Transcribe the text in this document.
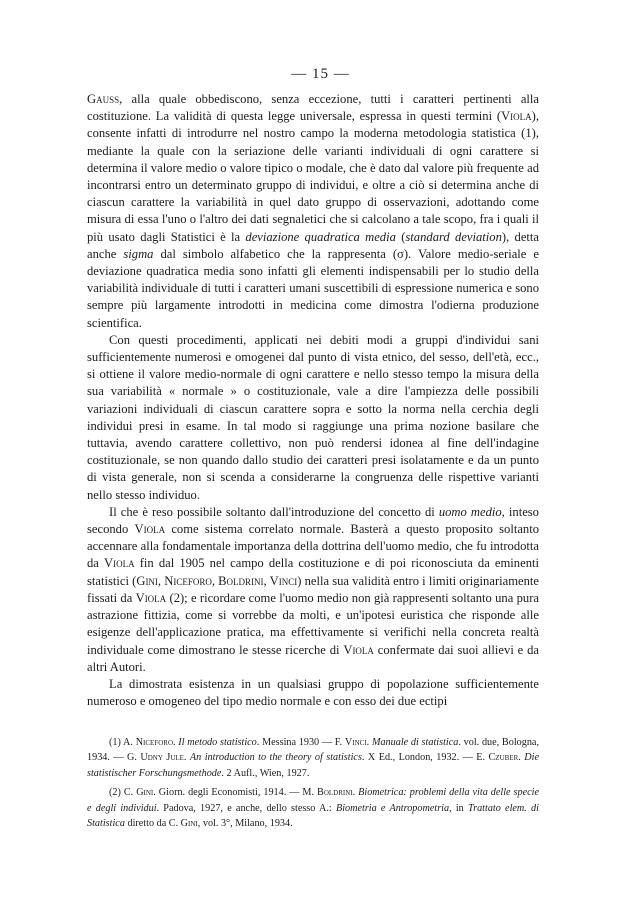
— 15 —

Gauss, alla quale obbediscono, senza eccezione, tutti i caratteri pertinenti alla costituzione. La validità di questa legge universale, espressa in questi termini (Viola), consente infatti di introdurre nel nostro campo la moderna metodologia statistica (1), mediante la quale con la seriazione delle varianti individuali di ogni carattere si determina il valore medio o valore tipico o modale, che è dato dal valore più frequente ad incontrarsi entro un determinato gruppo di individui, e oltre a ciò si determina anche di ciascun carattere la variabilità in quel dato gruppo di osservazioni, adottando come misura di essa l'uno o l'altro dei dati segnaletici che si calcolano a tale scopo, fra i quali il più usato dagli Statistici è la deviazione quadratica media (standard deviation), detta anche sigma dal simbolo alfabetico che la rappresenta (σ). Valore medio-seriale e deviazione quadratica media sono infatti gli elementi indispensabili per lo studio della variabilità individuale di tutti i caratteri umani suscettibili di espressione numerica e sono sempre più largamente introdotti in medicina come dimostra l'odierna produzione scientifica.

Con questi procedimenti, applicati nei debiti modi a gruppi d'individui sani sufficientemente numerosi e omogenei dal punto di vista etnico, del sesso, dell'età, ecc., si ottiene il valore medio-normale di ogni carattere e nello stesso tempo la misura della sua variabilità « normale » o costituzionale, vale a dire l'ampiezza delle possibili variazioni individuali di ciascun carattere sopra e sotto la norma nella cerchia degli individui presi in esame. In tal modo si raggiunge una prima nozione basilare che tuttavia, avendo carattere collettivo, non può rendersi idonea al fine dell'indagine costituzionale, se non quando dallo studio dei caratteri presi isolatamente e da un punto di vista generale, non si scenda a considerarne la congruenza delle rispettive varianti nello stesso individuo.

Il che è reso possibile soltanto dall'introduzione del concetto di uomo medio, inteso secondo Viola come sistema correlato normale. Basterà a questo proposito soltanto accennare alla fondamentale importanza della dottrina dell'uomo medio, che fu introdotta da Viola fin dal 1905 nel campo della costituzione e di poi riconosciuta da eminenti statistici (Gini, Niceforo, Boldrini, Vinci) nella sua validità entro i limiti originariamente fissati da Viola (2); e ricordare come l'uomo medio non già rappresenti soltanto una pura astrazione fittizia, come si vorrebbe da molti, e un'ipotesi euristica che risponde alle esigenze dell'applicazione pratica, ma effettivamente si verifichi nella concreta realtà individuale come dimostrano le stesse ricerche di Viola confermate dai suoi allievi e da altri Autori.

La dimostrata esistenza in un qualsiasi gruppo di popolazione sufficientemente numeroso e omogeneo del tipo medio normale e con esso dei due ectipi

(1) A. Niceforo. Il metodo statistico. Messina 1930 — F. Vinci. Manuale di statistica. vol. due, Bologna, 1934. — G. Udny Jule. An introduction to the theory of statistics. X Ed., London, 1932. — E. Czuber. Die statistischer Forschungsmethode. 2 Aufl., Wien, 1927.

(2) C. Gini. Giorn. degli Economisti, 1914. — M. Boldrini. Biometrica: problemi della vita delle specie e degli individui. Padova, 1927, e anche, dello stesso A.: Biometria e Antropometria, in Trattato elem. di Statistica diretto da C. Gini, vol. 3°, Milano, 1934.
